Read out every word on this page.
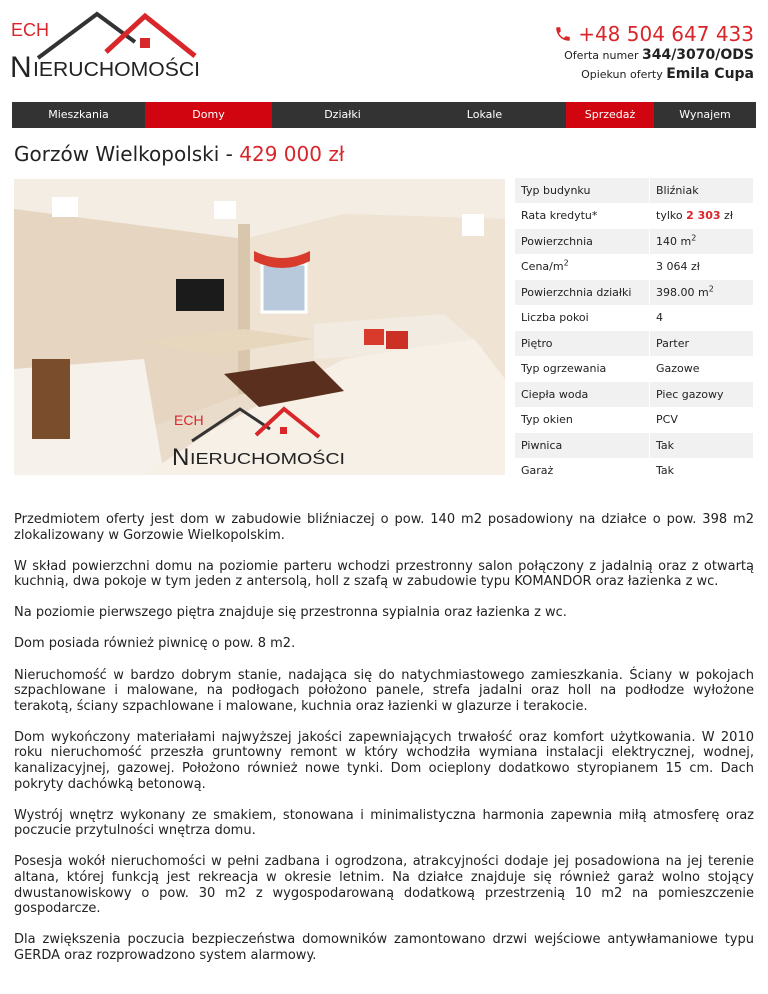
ECH
N IERUCHOMOŚCI
+48 504 647 433
Oferta numer 344/3070/ODS
Opiekun oferty Emila Cupa
Mieszkania	Domy	Działki	Lokale	Sprzedaż	Wynajem
Gorzów Wielkopolski - 429 000 zł
ECH
N IERUCHOMOŚCI
Typ budynku	Bliźniak
Rata kredytu*	tylko 2 303 zł
Powierzchnia	140 $m^2$
Cena/$m^2$	3 064 zł
Powierzchnia działki	398.00 $m^2$
Liczba pokoi	4
Piętro	Parter
Typ ogrzewania	Gazowe
Ciepła woda	Piec gazowy
Typ okien	PCV
Piwnica	Tak
Garaż	Tak

Przedmiotem oferty jest dom w zabudowie bliźniaczej o pow. 140 m2 posadowiony na działce o pow. 398 m2 zlokalizowany w Gorzowie Wielkopolskim.

W skład powierzchni domu na poziomie parteru wchodzi przestronny salon połączony z jadalnią oraz z otwartą kuchnią, dwa pokoje w tym jeden z antersolą, holl z szafą w zabudowie typu KOMANDOR oraz łazienka z wc.

Na poziomie pierwszego piętra znajduje się przestronna sypialnia oraz łazienka z wc.

Dom posiada również piwnicę o pow. 8 m2.

Nieruchomość w bardzo dobrym stanie, nadająca się do natychmiastowego zamieszkania. Ściany w pokojach szpachlowane i malowane, na podłogach położono panele, strefa jadalni oraz holl na podłodze wyłożone terakotą, ściany szpachlowane i malowane, kuchnia oraz łazienki w glazurze i terakocie.

Dom wykończony materiałami najwyższej jakości zapewniających trwałość oraz komfort użytkowania. W 2010 roku nieruchomość przeszła gruntowny remont w który wchodziła wymiana instalacji elektrycznej, wodnej, kanalizacyjnej, gazowej. Położono również nowe tynki. Dom ocieplony dodatkowo styropianem 15 cm. Dach pokryty dachówką betonową.

Wystrój wnętrz wykonany ze smakiem, stonowana i minimalistyczna harmonia zapewnia miłą atmosferę oraz poczucie przytulności wnętrza domu.

Posesja wokół nieruchomości w pełni zadbana i ogrodzona, atrakcyjności dodaje jej posadowiona na jej terenie altana, której funkcją jest rekreacja w okresie letnim. Na działce znajduje się również garaż wolno stojący dwustanowiskowy o pow. 30 m2 z wygospodarowaną dodatkową przestrzenią 10 m2 na pomieszczenie gospodarcze.

Dla zwiększenia poczucia bezpieczeństwa domowników zamontowano drzwi wejściowe antywłamaniowe typu GERDA oraz rozprowadzono system alarmowy.
